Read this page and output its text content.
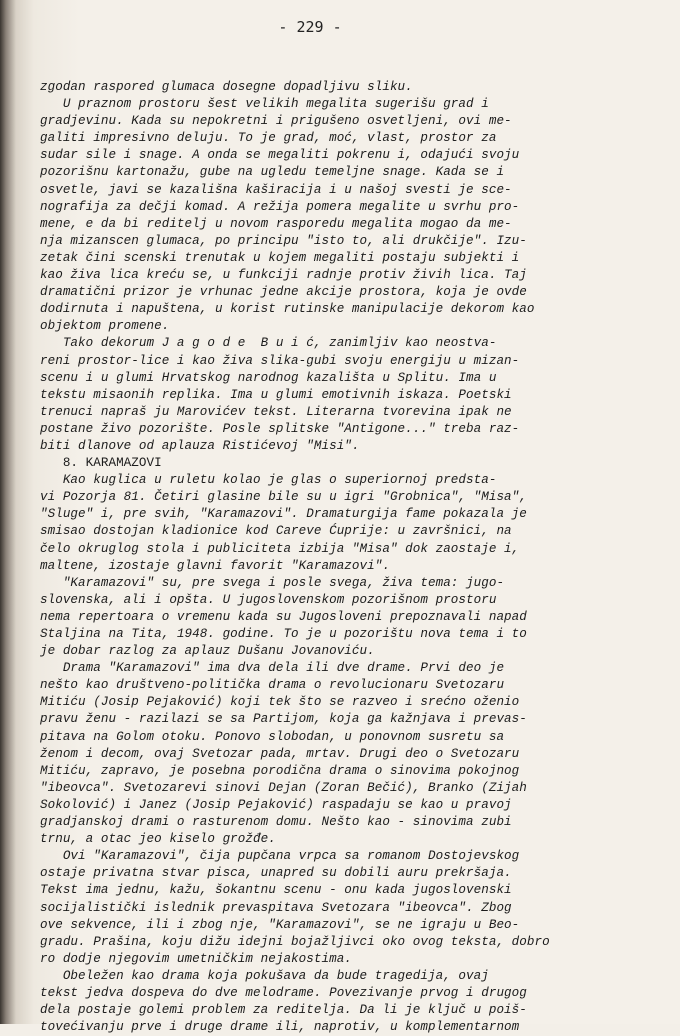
- 229 -
zgodan raspored glumaca dosegne dopadljivu sliku.
U praznom prostoru šest velikih megalita sugerišu grad i
gradjevinu. Kada su nepokretni i prigušeno osvetljeni, ovi me-
galiti impresivno deluju. To je grad, moć, vlast, prostor za
sudar sile i snage. A onda se megaliti pokrenu i, odajući svoju
pozorišnu kartonažu, gube na ugledu temeljne snage. Kada se i
osvetle, javi se kazališna kaširacija i u našoj svesti je sce-
nografija za dečji komad. A režija pomera megalite u svrhu pro-
mene, e da bi reditelj u novom rasporedu megalita mogao da me-
nja mizanscen glumaca, po principu "isto to, ali drukčije". Izu-
zetak čini scenski trenutak u kojem megaliti postaju subjekti i
kao živa lica kreću se, u funkciji radnje protiv živih lica. Taj
dramatični prizor je vrhunac jedne akcije prostora, koja je ovde
dodirnuta i napuštena, u korist rutinske manipulacije dekorom kao
objektom promene.
Tako dekorum J a g o d e  B u i ć, zanimljiv kao neostva-
reni prostor-lice i kao živa slika-gubi svoju energiju u mizan-
scenu i u glumi Hrvatskog narodnog kazališta u Splitu. Ima u
tekstu misaonih replika. Ima u glumi emotivnih iskaza. Poetski
trenuci napraš ju Marovićev tekst. Literarna tvorevina ipak ne
postane živo pozorište. Posle splitske "Antigone..." treba raz-
biti dlanove od aplauza Ristićevoj "Misi".
8. KARAMAZOVI
Kao kuglica u ruletu kolao je glas o superiornoj predsta-
vi Pozorja 81. Četiri glasine bile su u igri "Grobnica", "Misa",
"Sluge" i, pre svih, "Karamazovi". Dramaturgija fame pokazala je
smisao dostojan kladionice kod Careve Ćuprije: u završnici, na
čelo okruglog stola i publiciteta izbija "Misa" dok zaostaje i,
maltene, izostaje glavni favorit "Karamazovi".
"Karamazovi" su, pre svega i posle svega, živa tema: jugo-
slovenska, ali i opšta. U jugoslovenskom pozorišnom prostoru
nema repertoara o vremenu kada su Jugosloveni prepoznavali napad
Staljina na Tita, 1948. godine. To je u pozorištu nova tema i to
je dobar razlog za aplauz Dušanu Jovanoviću.
Drama "Karamazovi" ima dva dela ili dve drame. Prvi deo je
nešto kao društveno-politička drama o revolucionaru Svetozaru
Mitiću (Josip Pejaković) koji tek što se razveo i srećno oženio
pravu ženu - razilazi se sa Partijom, koja ga kažnjava i prevas-
pitava na Golom otoku. Ponovo slobodan, u ponovnom susretu sa
ženom i decom, ovaj Svetozar pada, mrtav. Drugi deo o Svetozaru
Mitiću, zapravo, je posebna porodična drama o sinovima pokojnog
"ibeovca". Svetozarevi sinovi Dejan (Zoran Bečić), Branko (Zijah
Sokolović) i Janez (Josip Pejaković) raspadaju se kao u pravoj
gradjanskoj drami o rasturenom domu. Nešto kao - sinovima zubi
trnu, a otac jeo kiselo grožđe.
Ovi "Karamazovi", čija pupčana vrpca sa romanom Dostojevskog
ostaje privatna stvar pisca, unapred su dobili auru prekršaja.
Tekst ima jednu, kažu, šokantnu scenu - onu kada jugoslovenski
socijalistički islednik prevaspitava Svetozara "ibeovca". Zbog
ove sekvence, ili i zbog nje, "Karamazovi", se ne igraju u Beo-
gradu. Prašina, koju dižu idejni bojažljivci oko ovog teksta, dobro
ro dodje njegovim umetničkim nejakostima.
Obeležen kao drama koja pokušava da bude tragedija, ovaj
tekst jedva dospeva do dve melodrame. Povezivanje prvog i drugog
dela postaje golemi problem za reditelja. Da li je ključ u poiš-
tovećivanju prve i druge drame ili, naprotiv, u komplementarnom
